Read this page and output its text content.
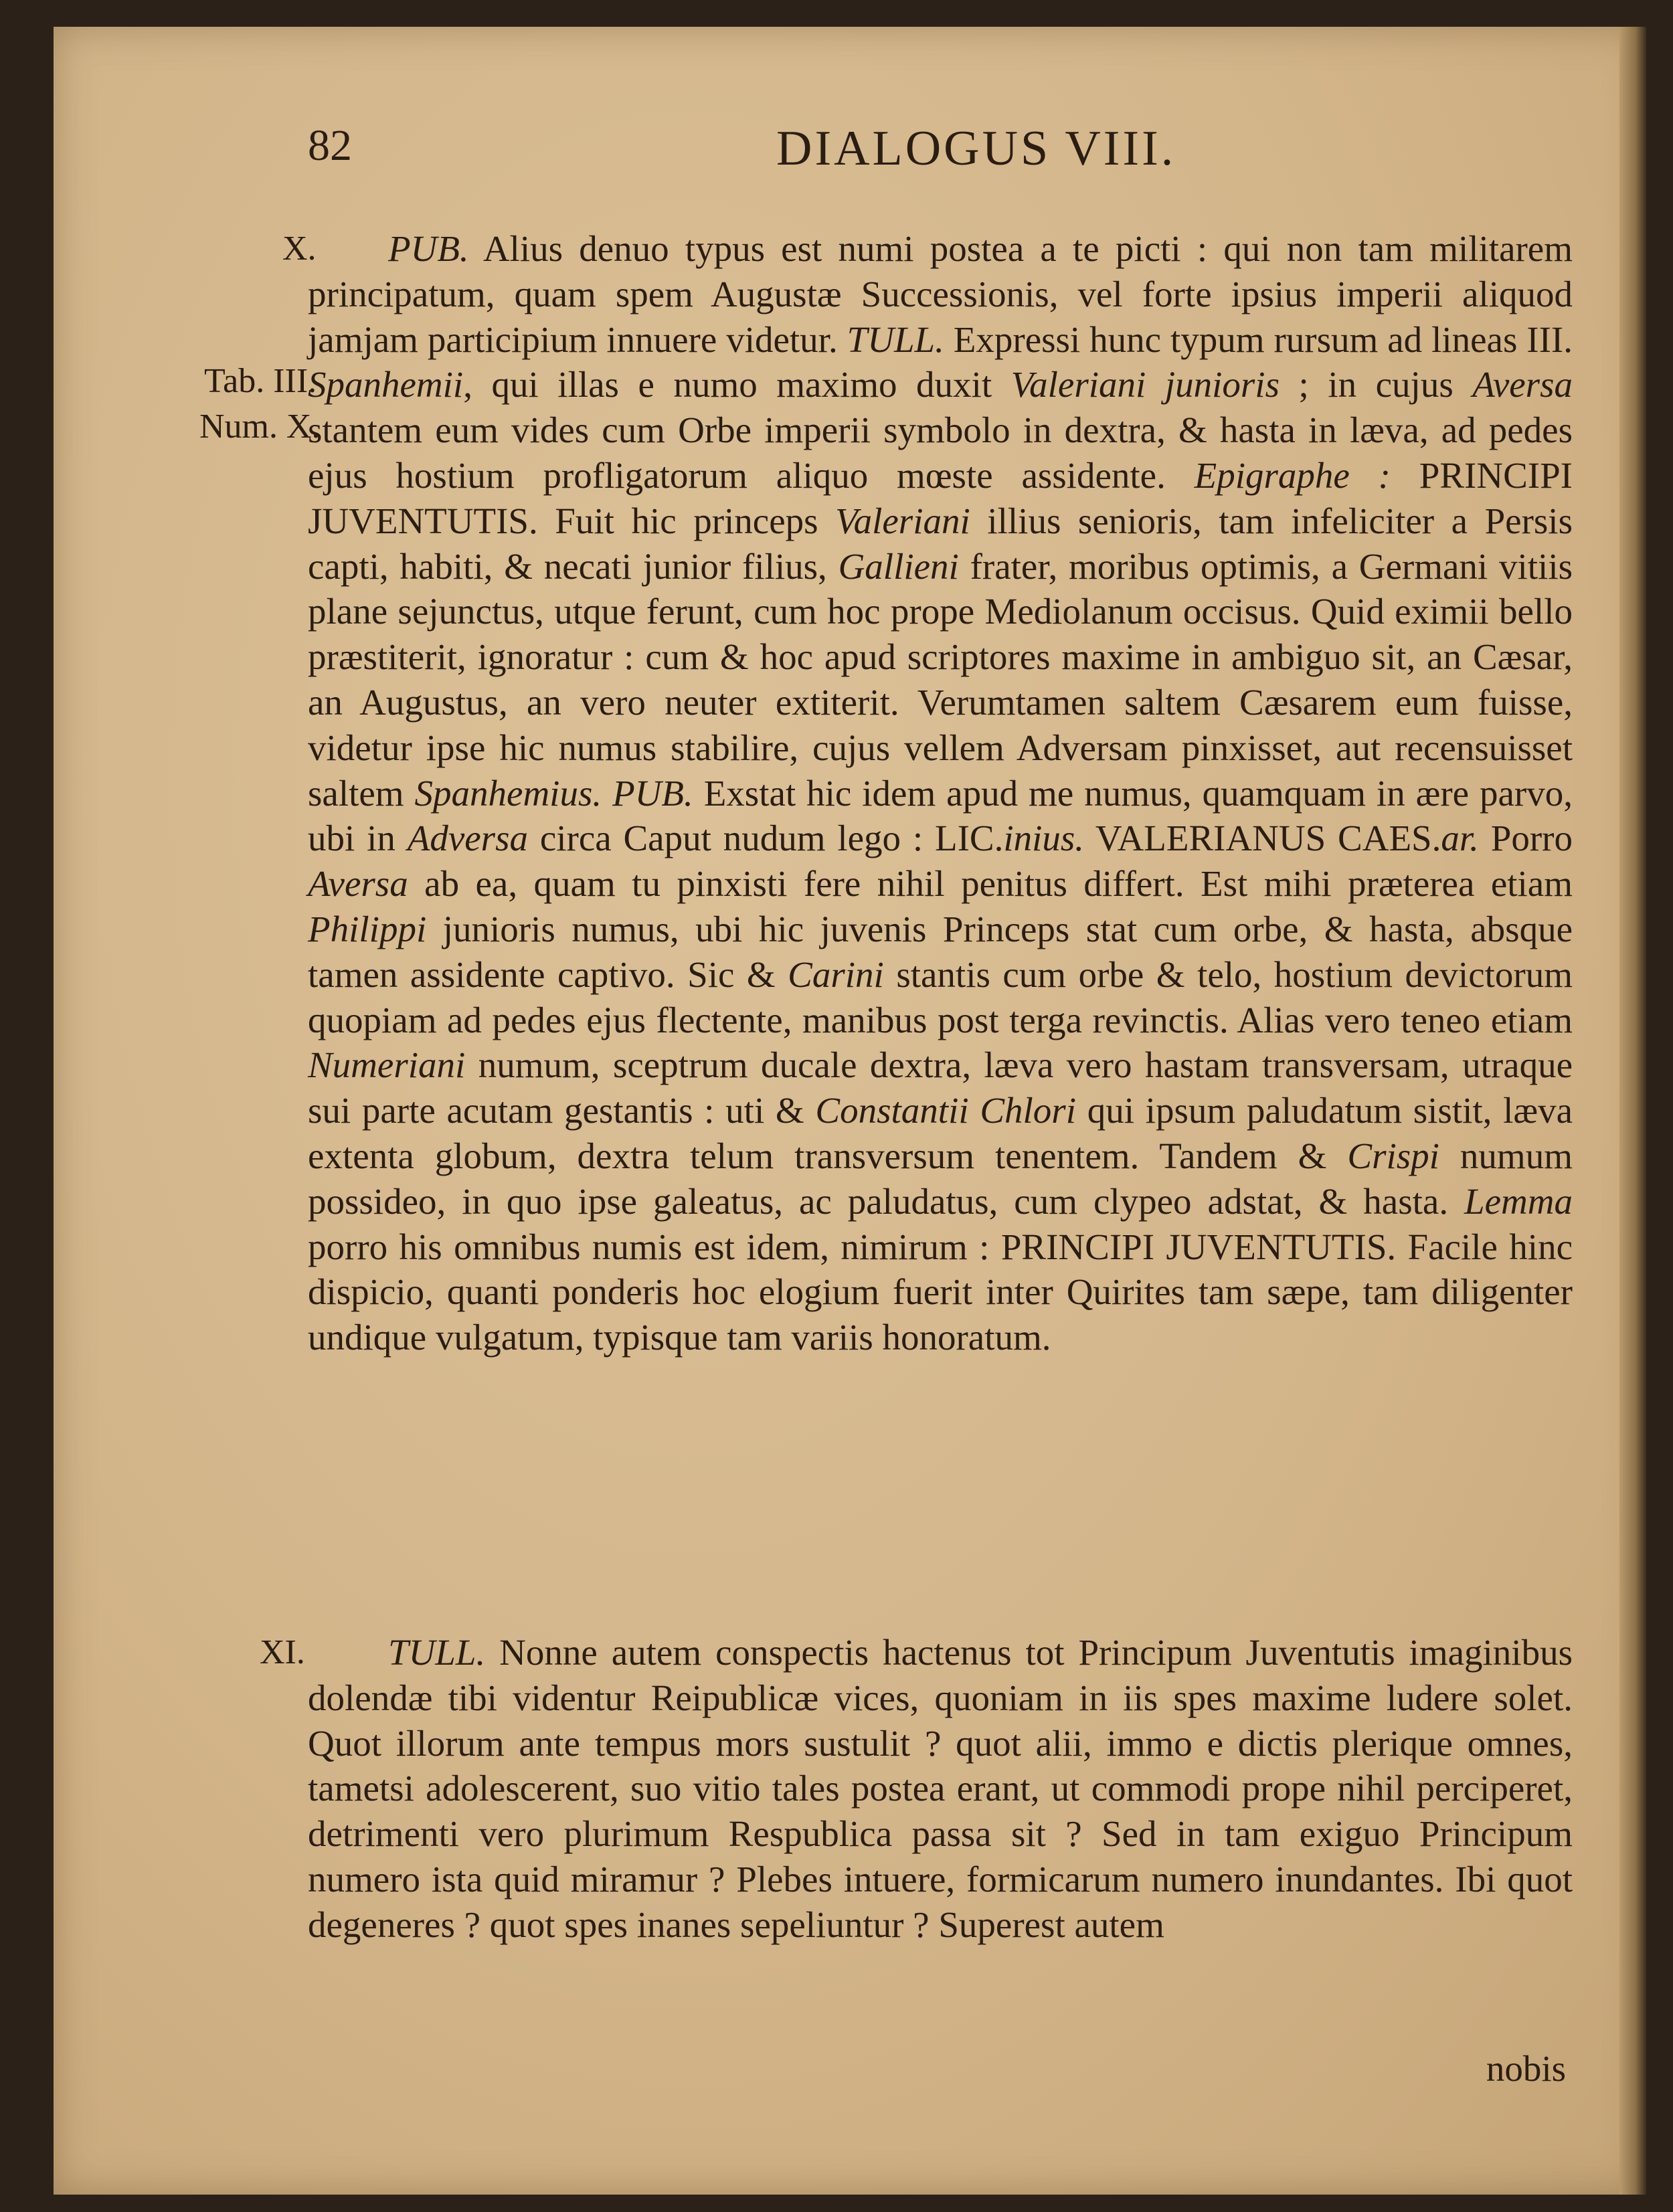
82	DIALOGUS VIII.
X.
Tab. III.
Num. X.
XI.
PUB. Alius denuo typus est numi postea a te picti : qui non tam militarem principatum, quam spem Augustæ Successionis, vel forte ipsius imperii aliquod jamjam participium innuere videtur. TULL. Expressi hunc typum rursum ad lineas III. Spanhemii, qui illas e numo maximo duxit Valeriani junioris ; in cujus Aversa stantem eum vides cum Orbe imperii symbolo in dextra, & hasta in læva, ad pedes ejus hostium profligatorum aliquo mœste assidente. Epigraphe : PRINCIPI JUVENTUTIS. Fuit hic princeps Valeriani illius senioris, tam infeliciter a Persis capti, habiti, & necati junior filius, Gallieni frater, moribus optimis, a Germani vitiis plane sejunctus, utque ferunt, cum hoc prope Mediolanum occisus. Quid eximii bello præstiterit, ignoratur : cum & hoc apud scriptores maxime in ambiguo sit, an Cæsar, an Augustus, an vero neuter extiterit. Verumtamen saltem Cæsarem eum fuisse, videtur ipse hic numus stabilire, cujus vellem Adversam pinxisset, aut recensuisset saltem Spanhemius. PUB. Exstat hic idem apud me numus, quamquam in ære parvo, ubi in Adversa circa Caput nudum lego : LIC.inius. VALERIANUS CAES.ar. Porro Aversa ab ea, quam tu pinxisti fere nihil penitus differt. Est mihi præterea etiam Philippi junioris numus, ubi hic juvenis Princeps stat cum orbe, & hasta, absque tamen assidente captivo. Sic & Carini stantis cum orbe & telo, hostium devictorum quopiam ad pedes ejus flectente, manibus post terga revinctis. Alias vero teneo etiam Numeriani numum, sceptrum ducale dextra, læva vero hastam transversam, utraque sui parte acutam gestantis : uti & Constantii Chlori qui ipsum paludatum sistit, læva extenta globum, dextra telum transversum tenentem. Tandem & Crispi numum possideo, in quo ipse galeatus, ac paludatus, cum clypeo adstat, & hasta. Lemma porro his omnibus numis est idem, nimirum : PRINCIPI JUVENTUTIS. Facile hinc dispicio, quanti ponderis hoc elogium fuerit inter Quirites tam sæpe, tam diligenter undique vulgatum, typisque tam variis honoratum.
TULL. Nonne autem conspectis hactenus tot Principum Juventutis imaginibus dolendæ tibi videntur Reipublicæ vices, quoniam in iis spes maxime ludere solet. Quot illorum ante tempus mors sustulit ? quot alii, immo e dictis plerique omnes, tametsi adolescerent, suo vitio tales postea erant, ut commodi prope nihil perciperet, detrimenti vero plurimum Respublica passa sit ? Sed in tam exiguo Principum numero ista quid miramur ? Plebes intuere, formicarum numero inundantes. Ibi quot degeneres ? quot spes inanes sepeliuntur ? Superest autem
nobis
